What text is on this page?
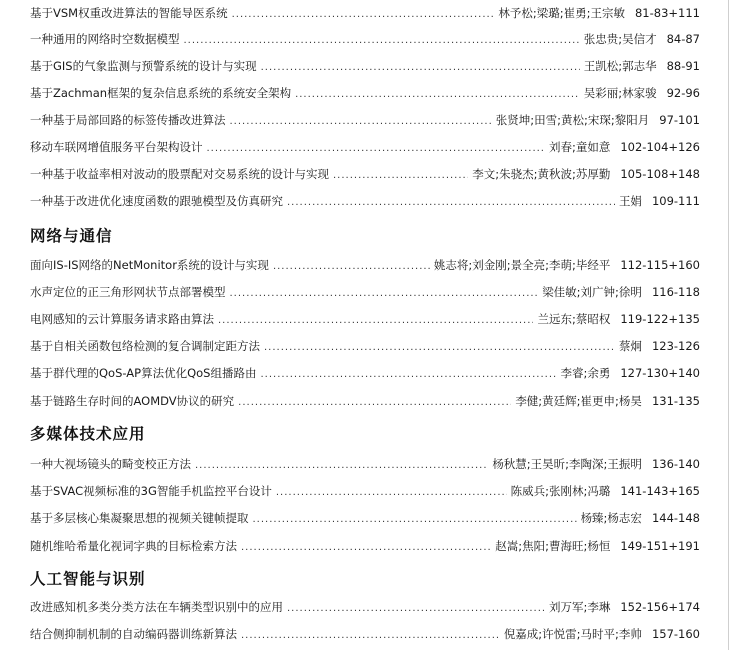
基于VSM权重改进算法的智能导医系统 .....	林予松;梁璐;崔勇;王宗敏 81-83+111
一种通用的网络时空数据模型 .....	张忠贵;吴信才 84-87
基于GIS的气象监测与预警系统的设计与实现 .....	王凯松;郭志华 88-91
基于Zachman框架的复杂信息系统的系统安全架构 .....	吴彩丽;林家骏 92-96
一种基于局部回路的标签传播改进算法 .....	张贤坤;田雪;黄松;宋琛;黎阳月 97-101
移动车联网增值服务平台架构设计 .....	刘春;童如意 102-104+126
一种基于收益率相对波动的股票配对交易系统的设计与实现 .....	李文;朱骁杰;黄秋波;苏厚勤 105-108+148
一种基于改进优化速度函数的跟驰模型及仿真研究 .....	王娟 109-111
网络与通信
面向IS-IS网络的NetMonitor系统的设计与实现 .....	姚志将;刘金刚;景全亮;李萌;毕经平 112-115+160
水声定位的正三角形网状节点部署模型 .....	梁佳敏;刘广钟;徐明 116-118
电网感知的云计算服务请求路由算法 .....	兰远东;蔡昭权 119-122+135
基于自相关函数包络检测的复合调制定距方法 .....	蔡炯 123-126
基于群代理的QoS-AP算法优化QoS组播路由 .....	李睿;余勇 127-130+140
基于链路生存时间的AOMDV协议的研究 .....	李健;黄廷辉;崔更申;杨昊 131-135
多媒体技术应用
一种大视场镜头的畸变校正方法 .....	杨秋慧;王昊昕;李陶深;王振明 136-140
基于SVAC视频标准的3G智能手机监控平台设计 .....	陈威兵;张刚林;冯璐 141-143+165
基于多层核心集凝聚思想的视频关键帧提取 .....	杨臻;杨志宏 144-148
随机维哈希量化视词字典的目标检索方法 .....	赵嵩;焦阳;曹海旺;杨恒 149-151+191
人工智能与识别
改进感知机多类分类方法在车辆类型识别中的应用 .....	刘万军;李琳 152-156+174
结合侧抑制机制的自动编码器训练新算法 .....	倪嘉成;许悦雷;马时平;李帅 157-160
